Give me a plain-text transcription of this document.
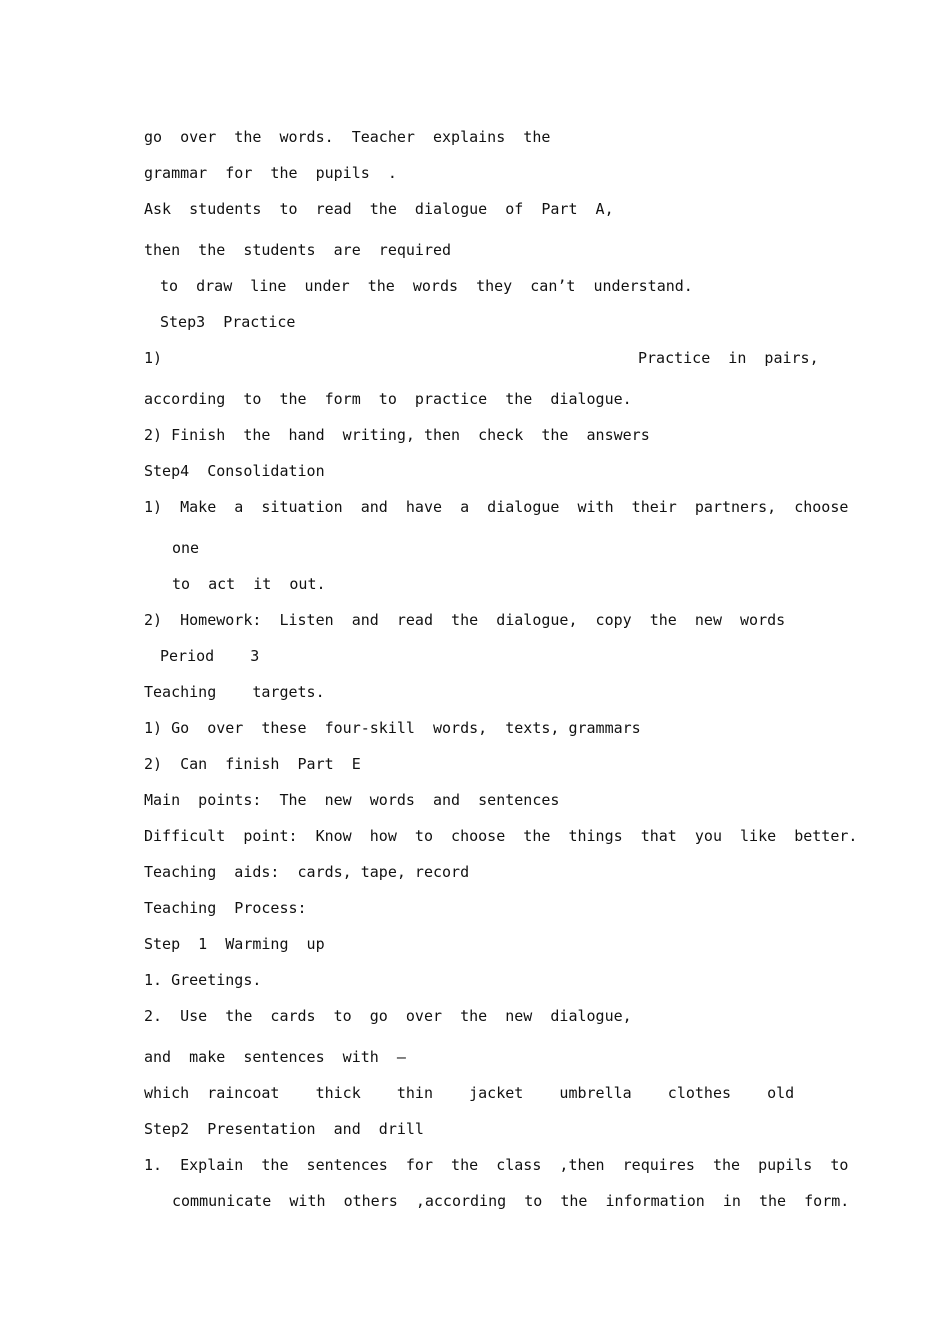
go  over  the  words.  Teacher  explains  the
grammar  for  the  pupils  .
Ask  students  to  read  the  dialogue  of  Part  A,
then  the  students  are  required
to  draw  line  under  the  words  they  can’t  understand.
Step3  Practice
1)	Practice  in  pairs,
according  to  the  form  to  practice  the  dialogue.
2) Finish  the  hand  writing, then  check  the  answers
Step4  Consolidation
1)  Make  a  situation  and  have  a  dialogue  with  their  partners,  choose
one
to  act  it  out.
2)  Homework:  Listen  and  read  the  dialogue,  copy  the  new  words
Period    3
Teaching    targets.
1) Go  over  these  four-skill  words,  texts, grammars
2)  Can  finish  Part  E
Main  points:  The  new  words  and  sentences
Difficult  point:  Know  how  to  choose  the  things  that  you  like  better.
Teaching  aids:  cards, tape, record
Teaching  Process:
Step  1  Warming  up
1. Greetings.
2.  Use  the  cards  to  go  over  the  new  dialogue,
and  make  sentences  with  —
which  raincoat    thick    thin    jacket    umbrella    clothes    old
Step2  Presentation  and  drill
1.  Explain  the  sentences  for  the  class  ,then  requires  the  pupils  to
communicate  with  others  ,according  to  the  information  in  the  form.
